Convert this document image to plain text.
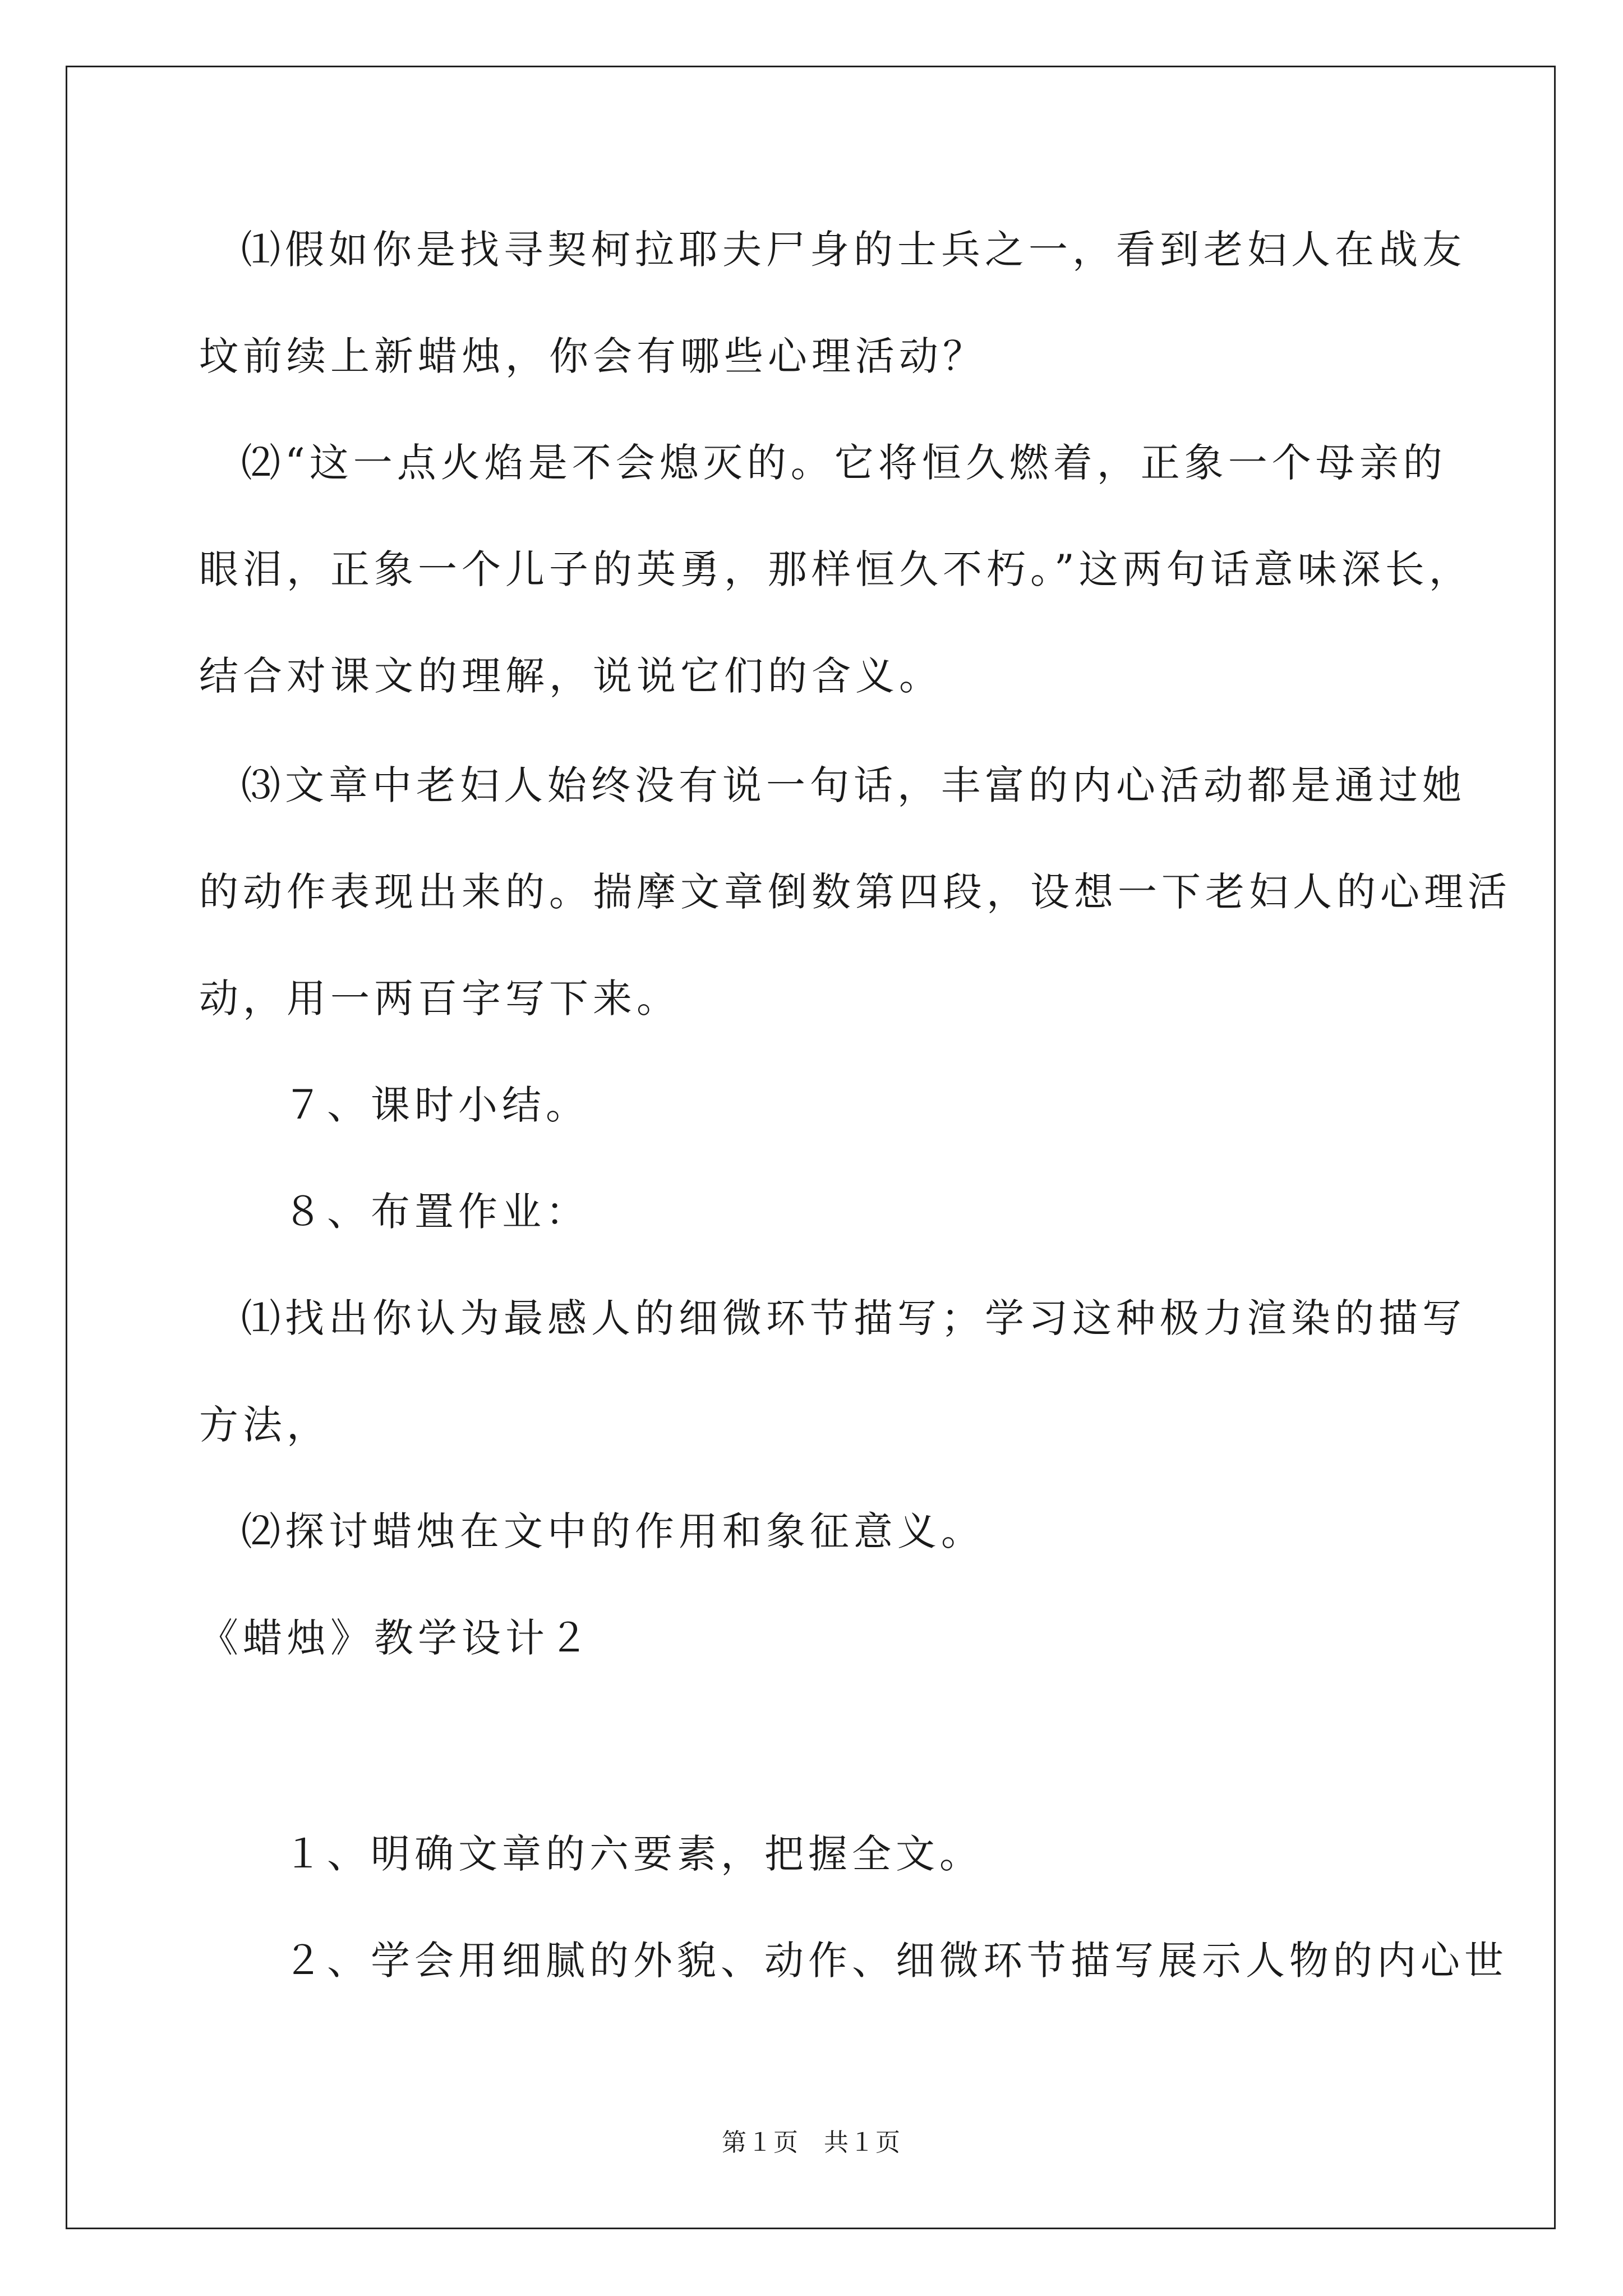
⑴假如你是找寻契柯拉耶夫尸身的士兵之一，看到老妇人在战友

坟前续上新蜡烛，你会有哪些心理活动？

⑵“这一点火焰是不会熄灭的。它将恒久燃着，正象一个母亲的

眼泪，正象一个儿子的英勇，那样恒久不朽。”这两句话意味深长，

结合对课文的理解，说说它们的含义。

⑶文章中老妇人始终没有说一句话，丰富的内心活动都是通过她

的动作表现出来的。揣摩文章倒数第四段，设想一下老妇人的心理活

动，用一两百字写下来。

７、课时小结。

８、布置作业：

⑴找出你认为最感人的细微环节描写；学习这种极力渲染的描写

方法，

⑵探讨蜡烛在文中的作用和象征意义。

《蜡烛》教学设计２

１、明确文章的六要素，把握全文。

２、学会用细腻的外貌、动作、细微环节描写展示人物的内心世

第１页 共１页
